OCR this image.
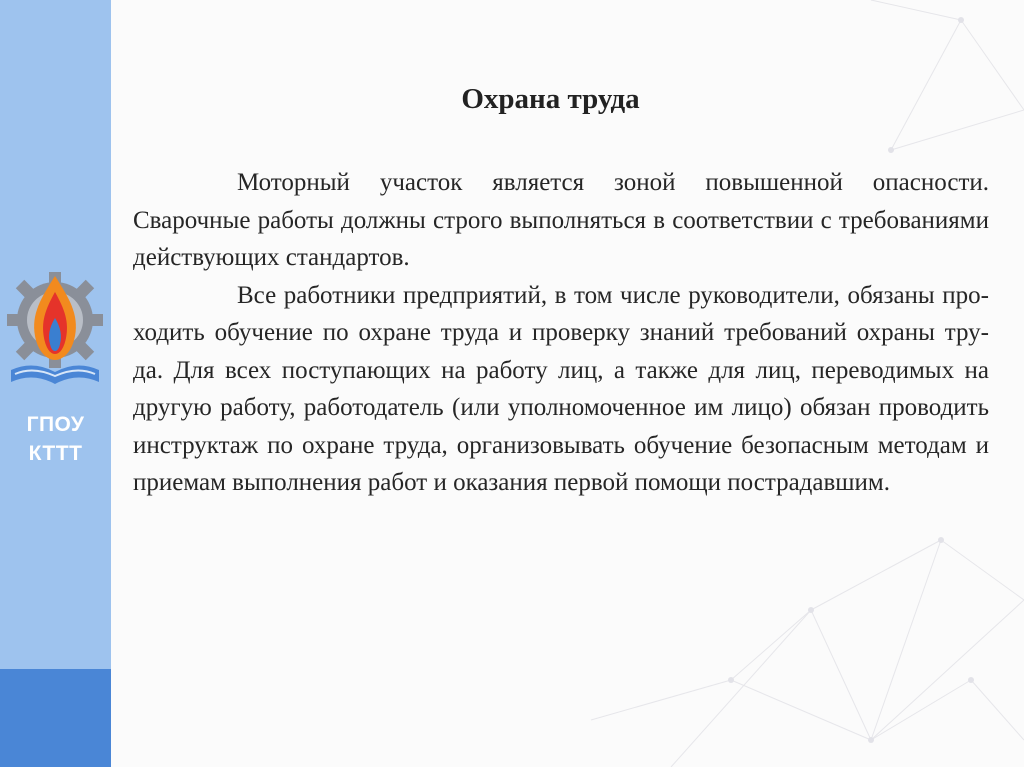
ГПОУ
КТТТ
Охрана труда

Моторный участок является зоной повышенной опасности. Сварочные работы должны строго выполняться в соответствии с требованиями действующих стандартов.

Все работники предприятий, в том числе руководители, обязаны про- ходить обучение по охране труда и проверку знаний требований охраны тру- да. Для всех поступающих на работу лиц, а также для лиц, переводимых на другую работу, работодатель (или уполномоченное им лицо) обязан проводить инструктаж по охране труда, организовывать обучение безопасным методам и приемам выполнения работ и оказания первой помощи пострадавшим.
